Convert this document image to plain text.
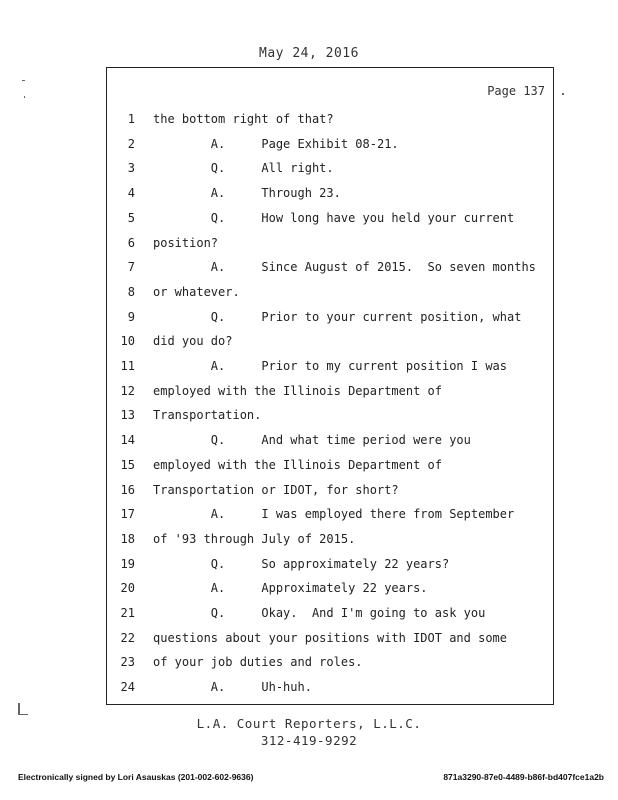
May 24, 2016
Page 137
1 the bottom right of that?
2 A.     Page Exhibit 08-21.
3 Q.     All right.
4 A.     Through 23.
5 Q.     How long have you held your current
6 position?
7 A.     Since August of 2015.  So seven months
8 or whatever.
9 Q.     Prior to your current position, what
10 did you do?
11 A.     Prior to my current position I was
12 employed with the Illinois Department of
13 Transportation.
14 Q.     And what time period were you
15 employed with the Illinois Department of
16 Transportation or IDOT, for short?
17 A.     I was employed there from September
18 of '93 through July of 2015.
19 Q.     So approximately 22 years?
20 A.     Approximately 22 years.
21 Q.     Okay.  And I'm going to ask you
22 questions about your positions with IDOT and some
23 of your job duties and roles.
24 A.     Uh-huh.
L.A. Court Reporters, L.L.C.
312-419-9292
Electronically signed by Lori Asauskas (201-002-602-9636)	871a3290-87e0-4489-b86f-bd407fce1a2b
